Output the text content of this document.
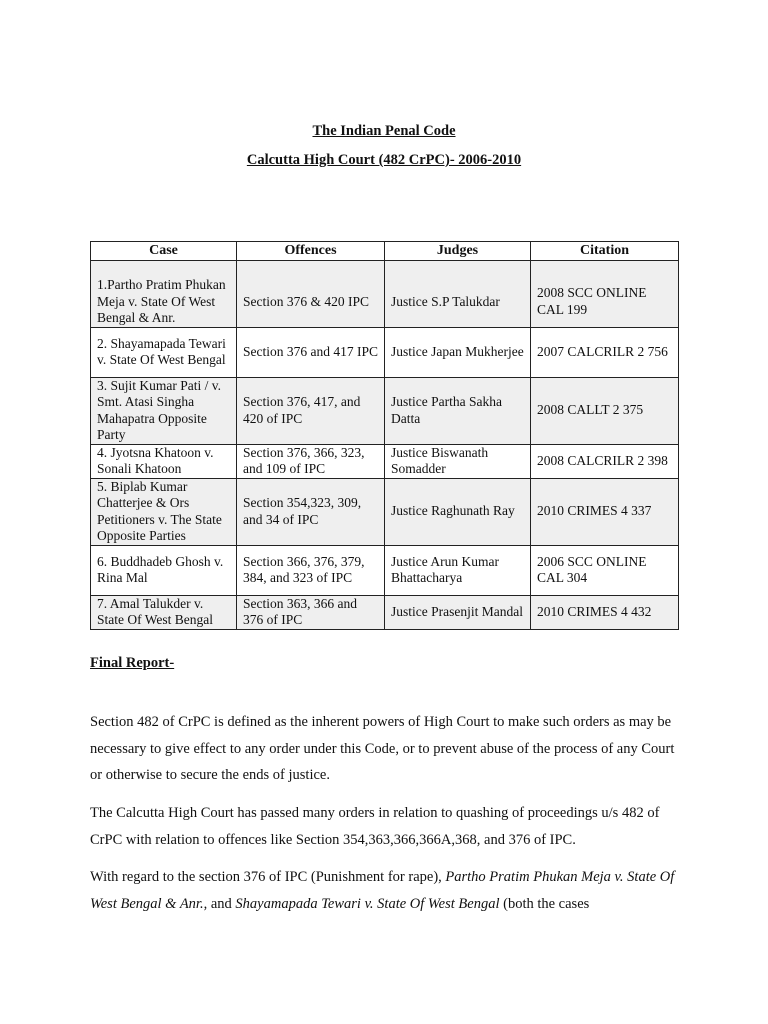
The Indian Penal Code
Calcutta High Court (482 CrPC)- 2006-2010
Case	Offences	Judges	Citation
1.Partho Pratim Phukan Meja v. State Of West Bengal & Anr.	Section 376 & 420 IPC	Justice S.P Talukdar	2008 SCC ONLINE CAL 199
2. Shayamapada Tewari v. State Of West Bengal	Section 376 and 417 IPC	Justice Japan Mukherjee	2007 CALCRILR 2 756
3. Sujit Kumar Pati / v. Smt. Atasi Singha Mahapatra Opposite Party	Section 376, 417, and 420 of IPC	Justice Partha Sakha Datta	2008 CALLT 2 375
4. Jyotsna Khatoon v. Sonali Khatoon	Section 376, 366, 323, and 109 of IPC	Justice Biswanath Somadder	2008 CALCRILR 2 398
5. Biplab Kumar Chatterjee & Ors Petitioners v. The State Opposite Parties	Section 354,323, 309, and 34 of IPC	Justice Raghunath Ray	2010 CRIMES 4 337
6. Buddhadeb Ghosh v. Rina Mal	Section 366, 376, 379, 384, and 323 of IPC	Justice Arun Kumar Bhattacharya	2006 SCC ONLINE CAL 304
7. Amal Talukder v. State Of West Bengal	Section 363, 366 and 376 of IPC	Justice Prasenjit Mandal	2010 CRIMES 4 432
Final Report-
Section 482 of CrPC is defined as the inherent powers of High Court to make such orders as may be necessary to give effect to any order under this Code, or to prevent abuse of the process of any Court or otherwise to secure the ends of justice.
The Calcutta High Court has passed many orders in relation to quashing of proceedings u/s 482 of CrPC with relation to offences like Section 354,363,366,366A,368, and 376 of IPC.
With regard to the section 376 of IPC (Punishment for rape), Partho Pratim Phukan Meja v. State Of West Bengal & Anr., and Shayamapada Tewari v. State Of West Bengal (both the cases
